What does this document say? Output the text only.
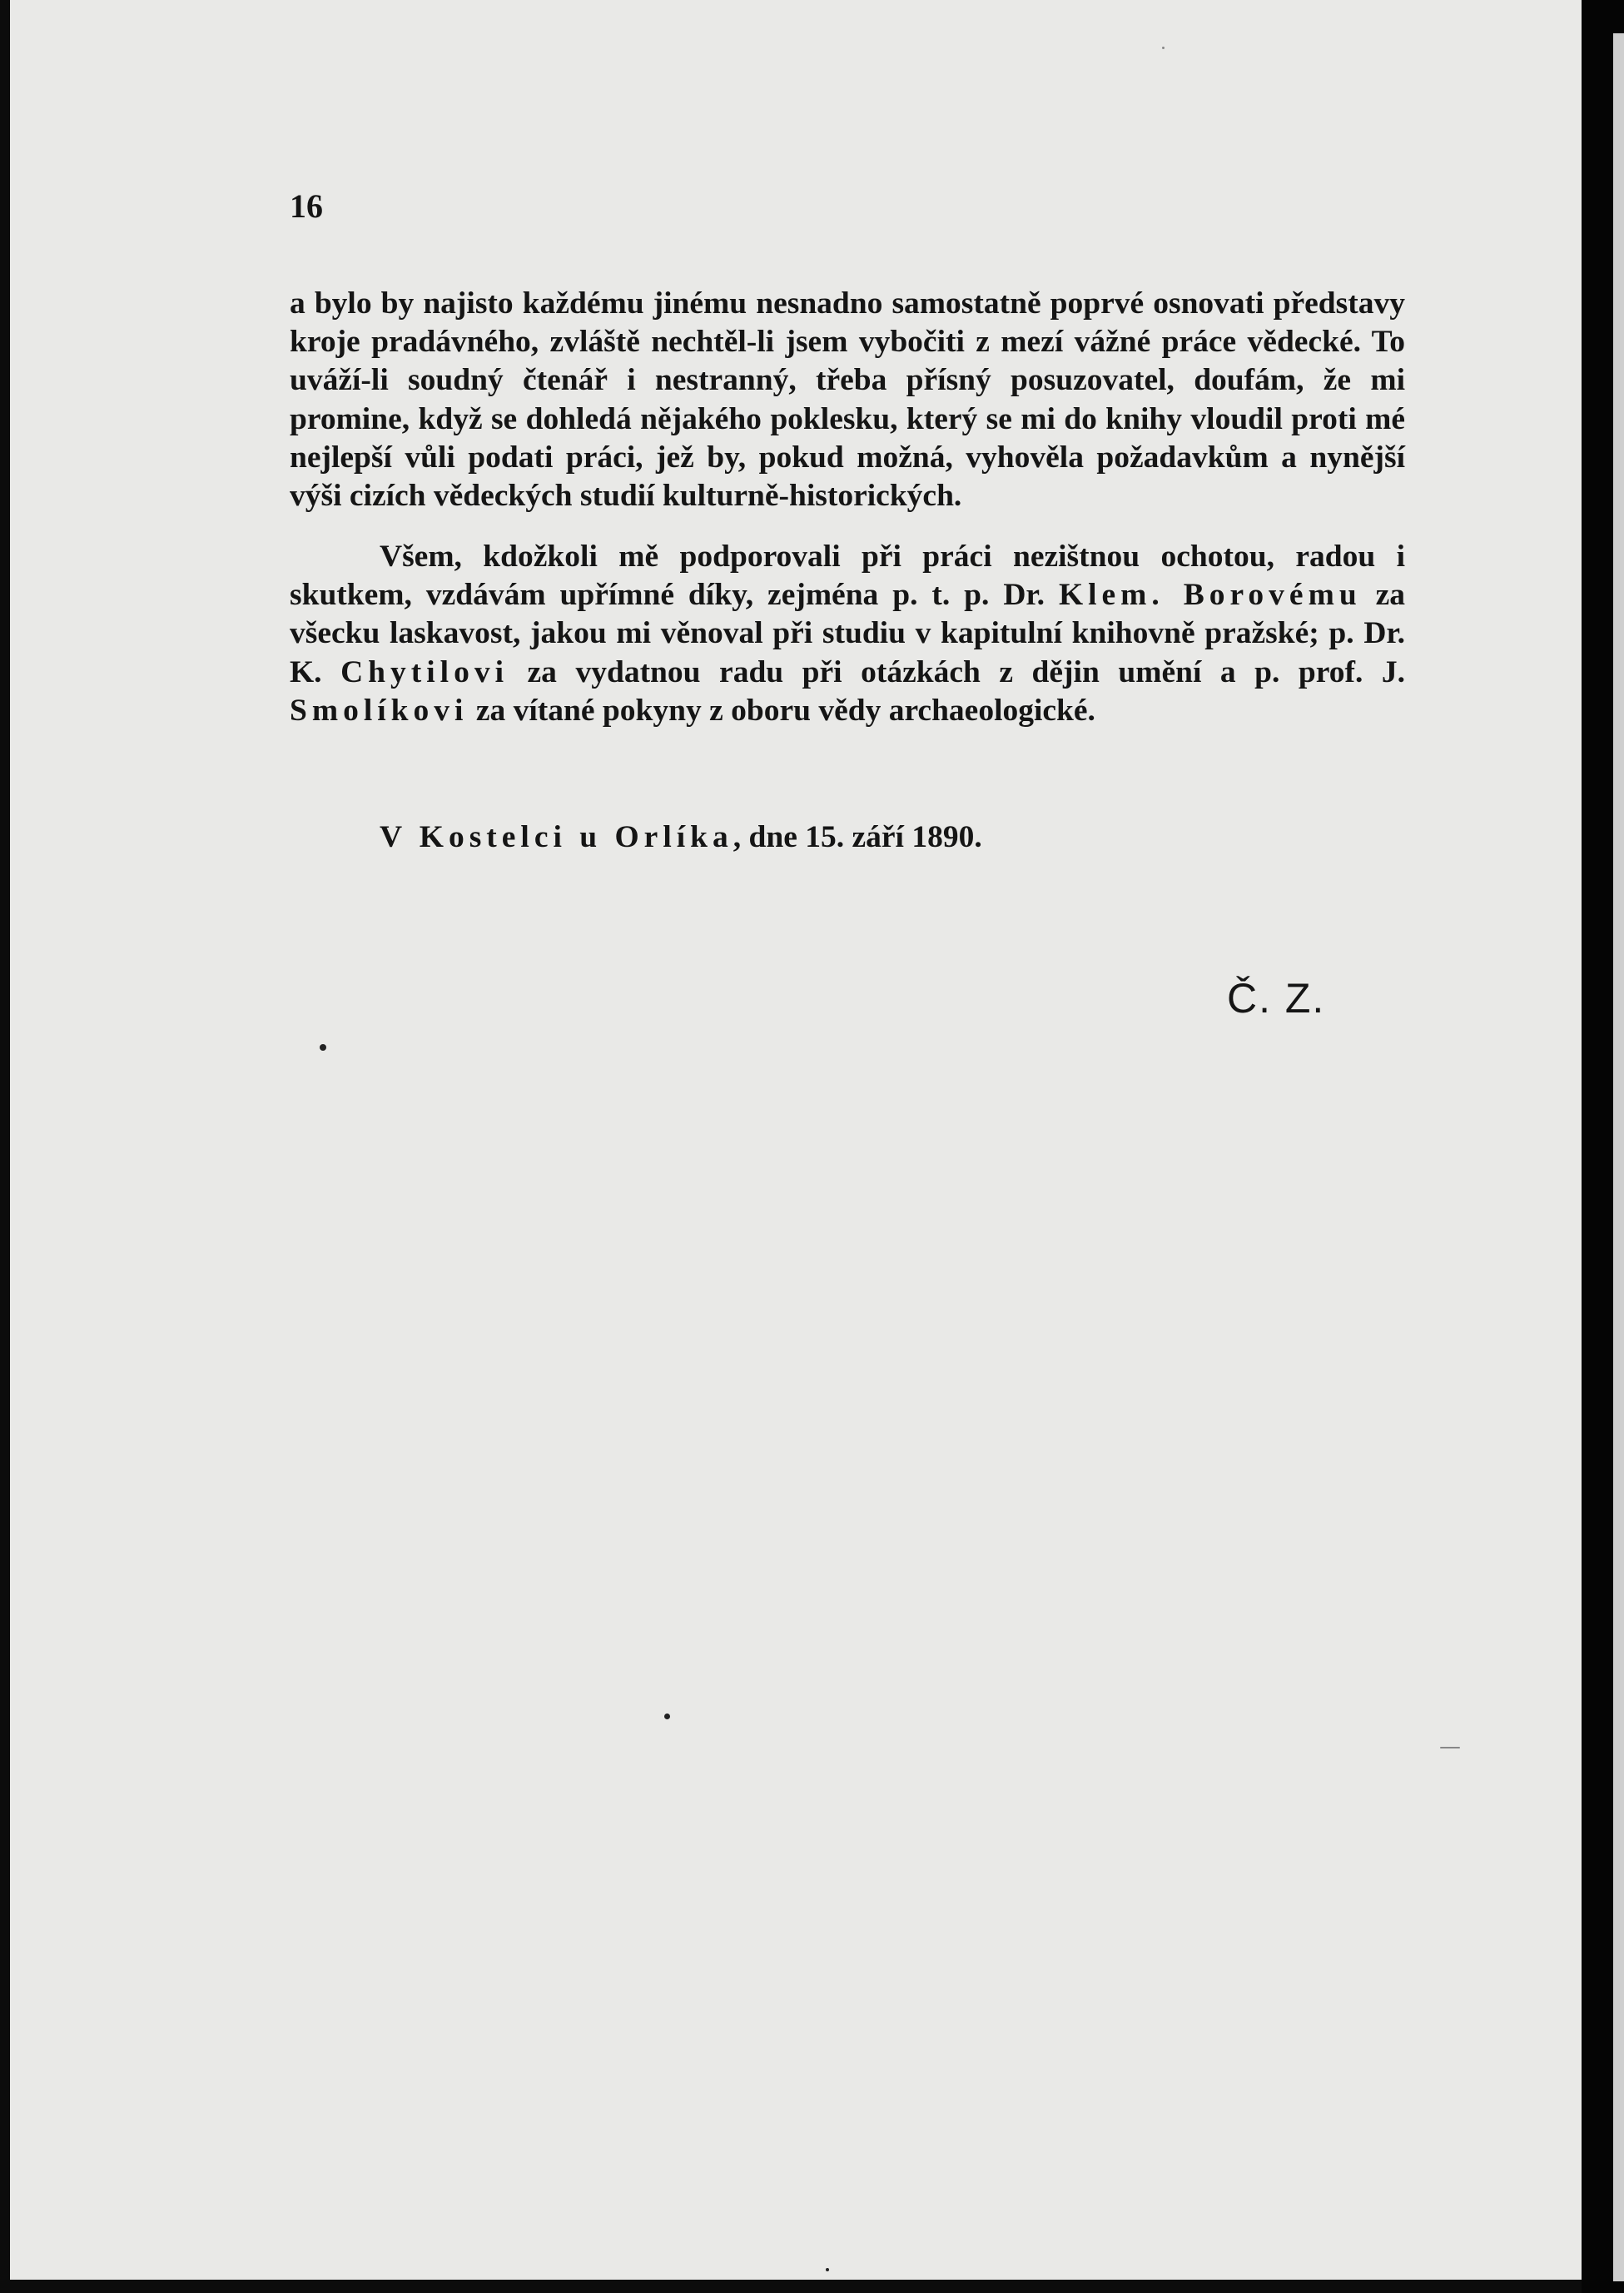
16

a bylo by najisto každému jinému nesnadno samostatně poprvé osnovati představy kroje pradávného, zvláště nechtěl-li jsem vybočiti z mezí vážné práce vědecké. To uváží-li soudný čtenář i nestranný, třeba přísný posuzovatel, doufám, že mi promine, když se dohledá nějakého poklesku, který se mi do knihy vloudil proti mé nejlepší vůli podati práci, jež by, pokud možná, vyhověla požadavkům a nynější výši cizích vědeckých studií kulturně-historických.

Všem, kdožkoli mě podporovali při práci nezištnou ochotou, radou i skutkem, vzdávám upřímné díky, zejména p. t. p. Dr. Klem. Borovému za všecku laskavost, jakou mi věnoval při studiu v kapitulní knihovně pražské; p. Dr. K. Chytilovi za vydatnou radu při otázkách z dějin umění a p. prof. J. Smolíkovi za vítané pokyny z oboru vědy archaeologické.

V Kostelci u Orlíka, dne 15. září 1890.
Č. Z.
